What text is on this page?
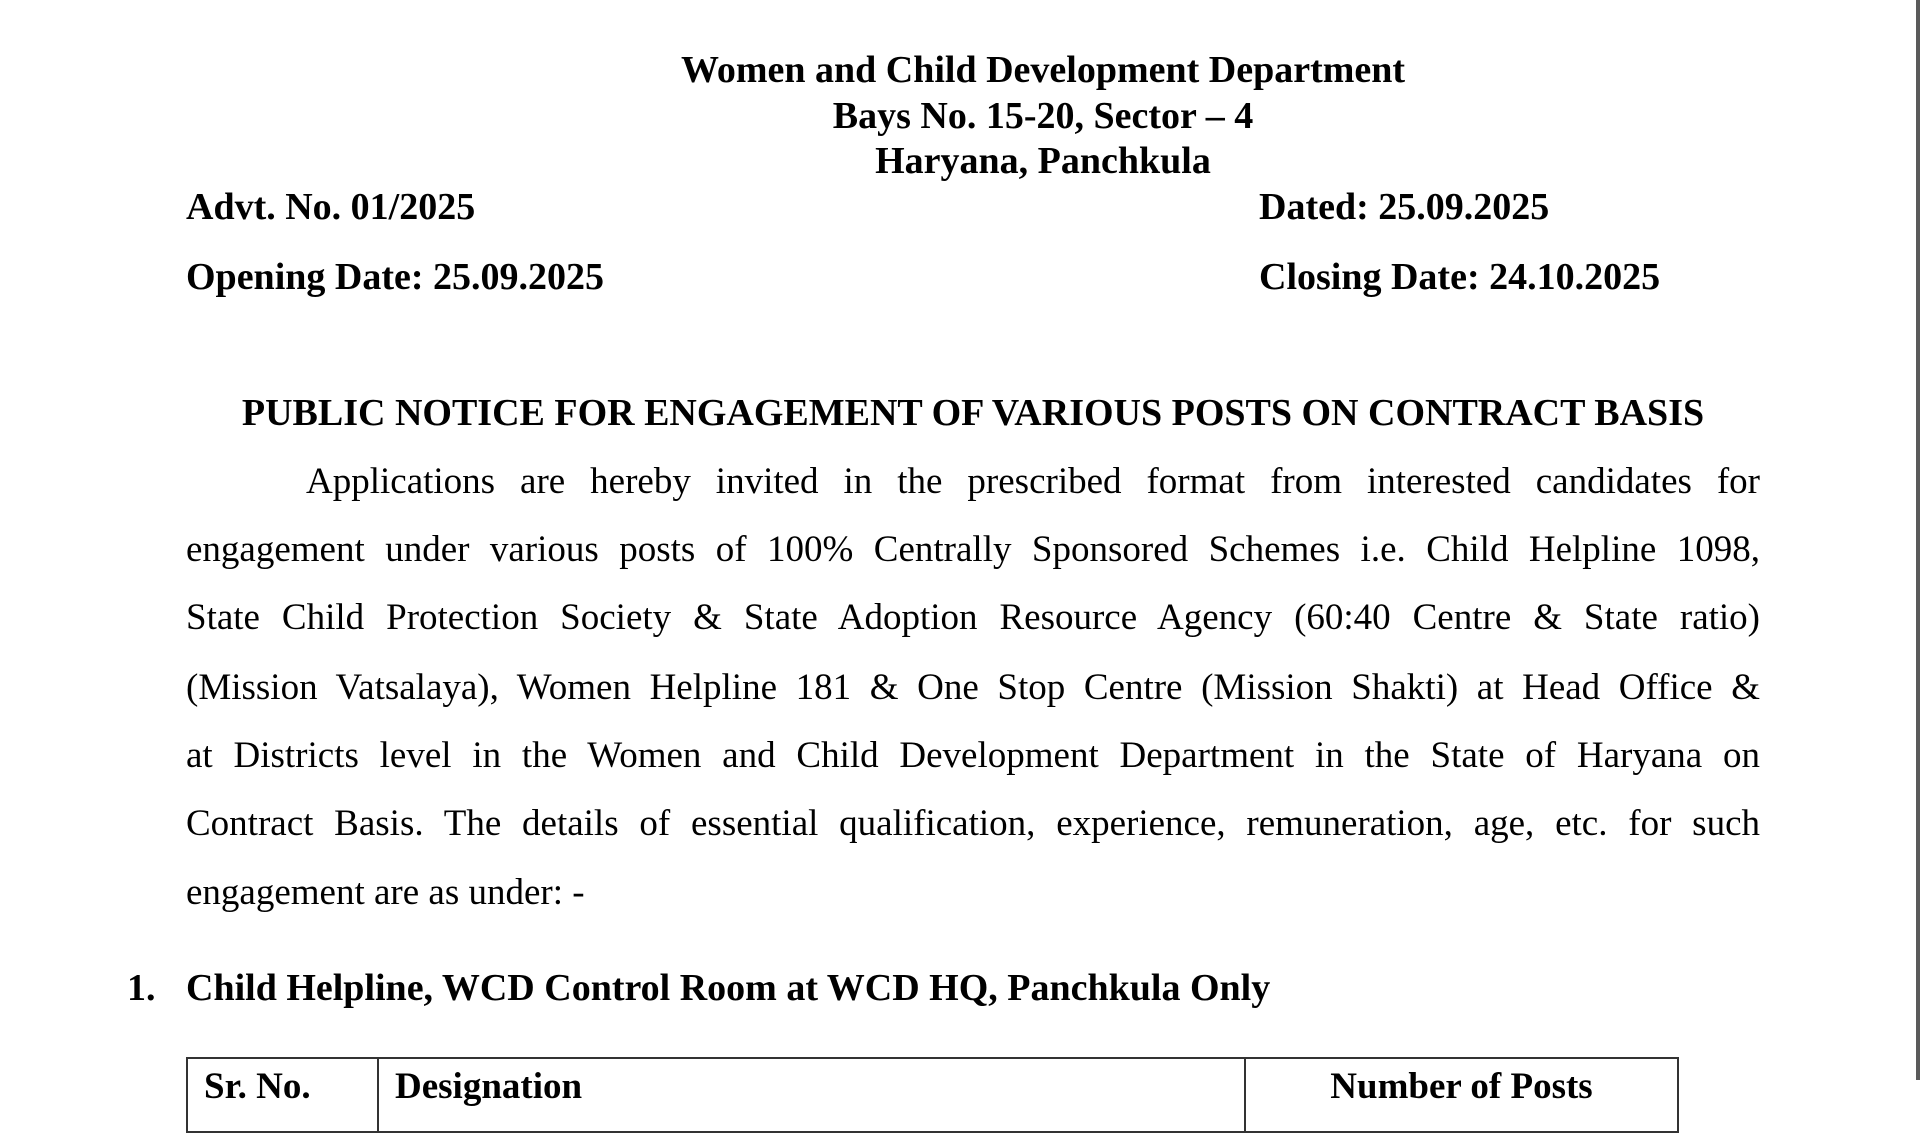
Women and Child Development Department
Bays No. 15-20, Sector – 4
Haryana, Panchkula
Advt. No. 01/2025	Dated: 25.09.2025
Opening Date: 25.09.2025	Closing Date: 24.10.2025
PUBLIC NOTICE FOR ENGAGEMENT OF VARIOUS POSTS ON CONTRACT BASIS
Applications are hereby invited in the prescribed format from interested candidates for
engagement under various posts of 100% Centrally Sponsored Schemes i.e. Child Helpline 1098,
State Child Protection Society & State Adoption Resource Agency (60:40 Centre & State ratio)
(Mission Vatsalaya), Women Helpline 181 & One Stop Centre (Mission Shakti) at Head Office &
at Districts level in the Women and Child Development Department in the State of Haryana on
Contract Basis. The details of essential qualification, experience, remuneration, age, etc. for such
engagement are as under: -
1. Child Helpline, WCD Control Room at WCD HQ, Panchkula Only
Sr. No.	Designation	Number of Posts
